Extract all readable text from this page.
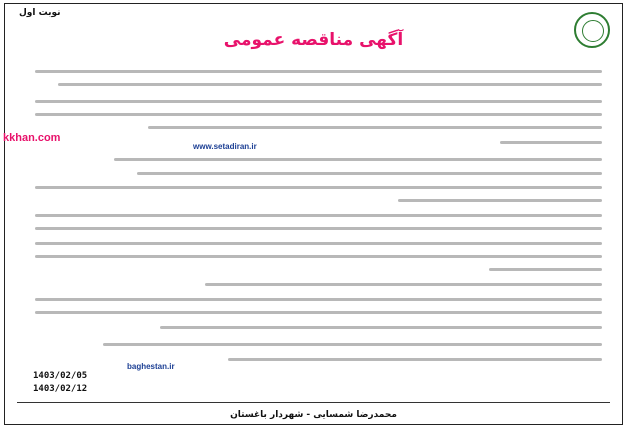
نوبت اول
آگهی مناقصه عمومی
kkhan.com
www.setadiran.ir
baghestan.ir
1403/02/05
1403/02/12
محمدرضا شمسایی - شهردار باغستان
